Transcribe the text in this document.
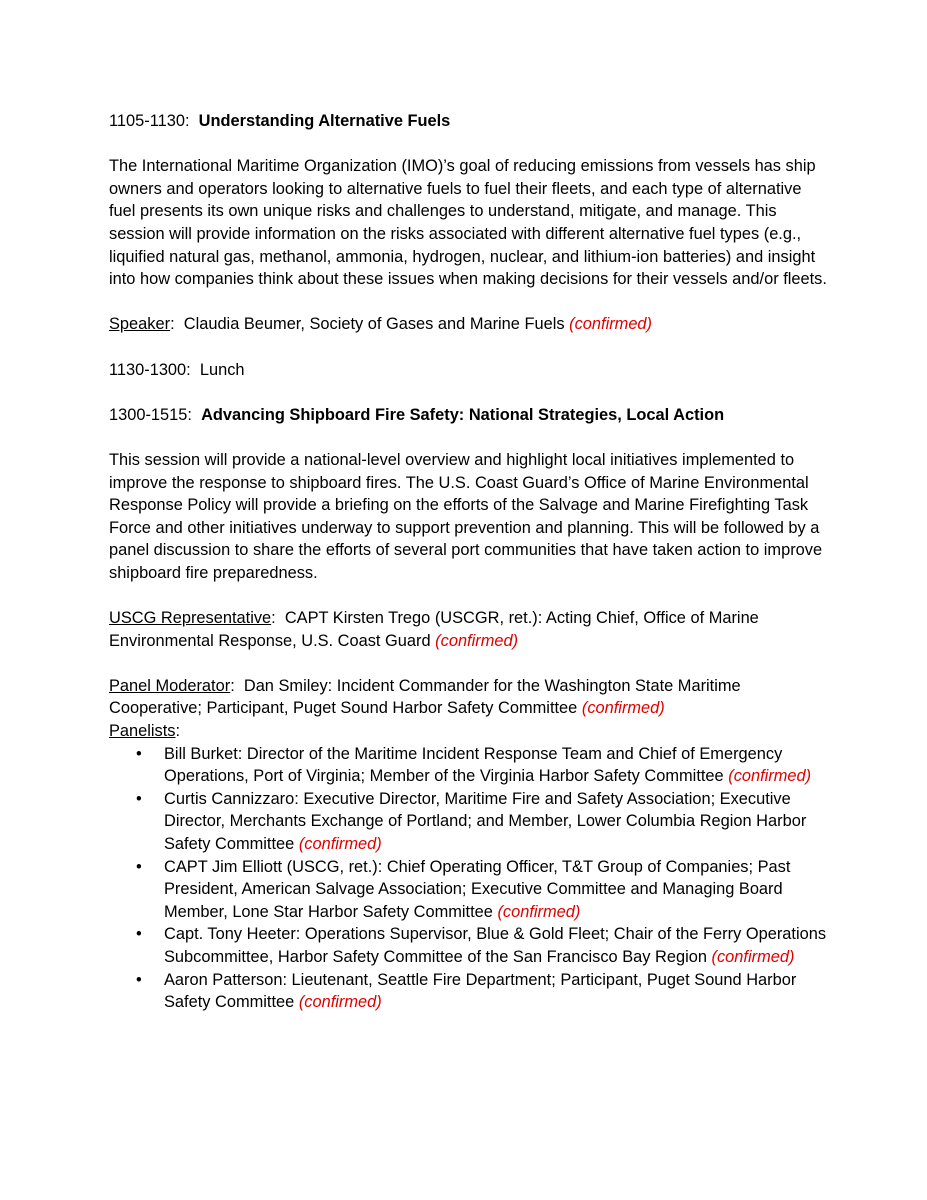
1105-1130: Understanding Alternative Fuels

The International Maritime Organization (IMO)’s goal of reducing emissions from vessels has ship owners and operators looking to alternative fuels to fuel their fleets, and each type of alternative fuel presents its own unique risks and challenges to understand, mitigate, and manage. This session will provide information on the risks associated with different alternative fuel types (e.g., liquified natural gas, methanol, ammonia, hydrogen, nuclear, and lithium-ion batteries) and insight into how companies think about these issues when making decisions for their vessels and/or fleets.

Speaker:  Claudia Beumer, Society of Gases and Marine Fuels (confirmed)

1130-1300: Lunch

1300-1515: Advancing Shipboard Fire Safety: National Strategies, Local Action

This session will provide a national-level overview and highlight local initiatives implemented to improve the response to shipboard fires. The U.S. Coast Guard’s Office of Marine Environmental Response Policy will provide a briefing on the efforts of the Salvage and Marine Firefighting Task Force and other initiatives underway to support prevention and planning. This will be followed by a panel discussion to share the efforts of several port communities that have taken action to improve shipboard fire preparedness.

USCG Representative:  CAPT Kirsten Trego (USCGR, ret.): Acting Chief, Office of Marine Environmental Response, U.S. Coast Guard (confirmed)

Panel Moderator:  Dan Smiley: Incident Commander for the Washington State Maritime Cooperative; Participant, Puget Sound Harbor Safety Committee (confirmed)

Panelists:

• Bill Burket: Director of the Maritime Incident Response Team and Chief of Emergency Operations, Port of Virginia; Member of the Virginia Harbor Safety Committee (confirmed)
• Curtis Cannizzaro: Executive Director, Maritime Fire and Safety Association; Executive Director, Merchants Exchange of Portland; and Member, Lower Columbia Region Harbor Safety Committee (confirmed)
• CAPT Jim Elliott (USCG, ret.): Chief Operating Officer, T&T Group of Companies; Past President, American Salvage Association; Executive Committee and Managing Board Member, Lone Star Harbor Safety Committee (confirmed)
• Capt. Tony Heeter: Operations Supervisor, Blue & Gold Fleet; Chair of the Ferry Operations Subcommittee, Harbor Safety Committee of the San Francisco Bay Region (confirmed)
• Aaron Patterson: Lieutenant, Seattle Fire Department; Participant, Puget Sound Harbor Safety Committee (confirmed)
